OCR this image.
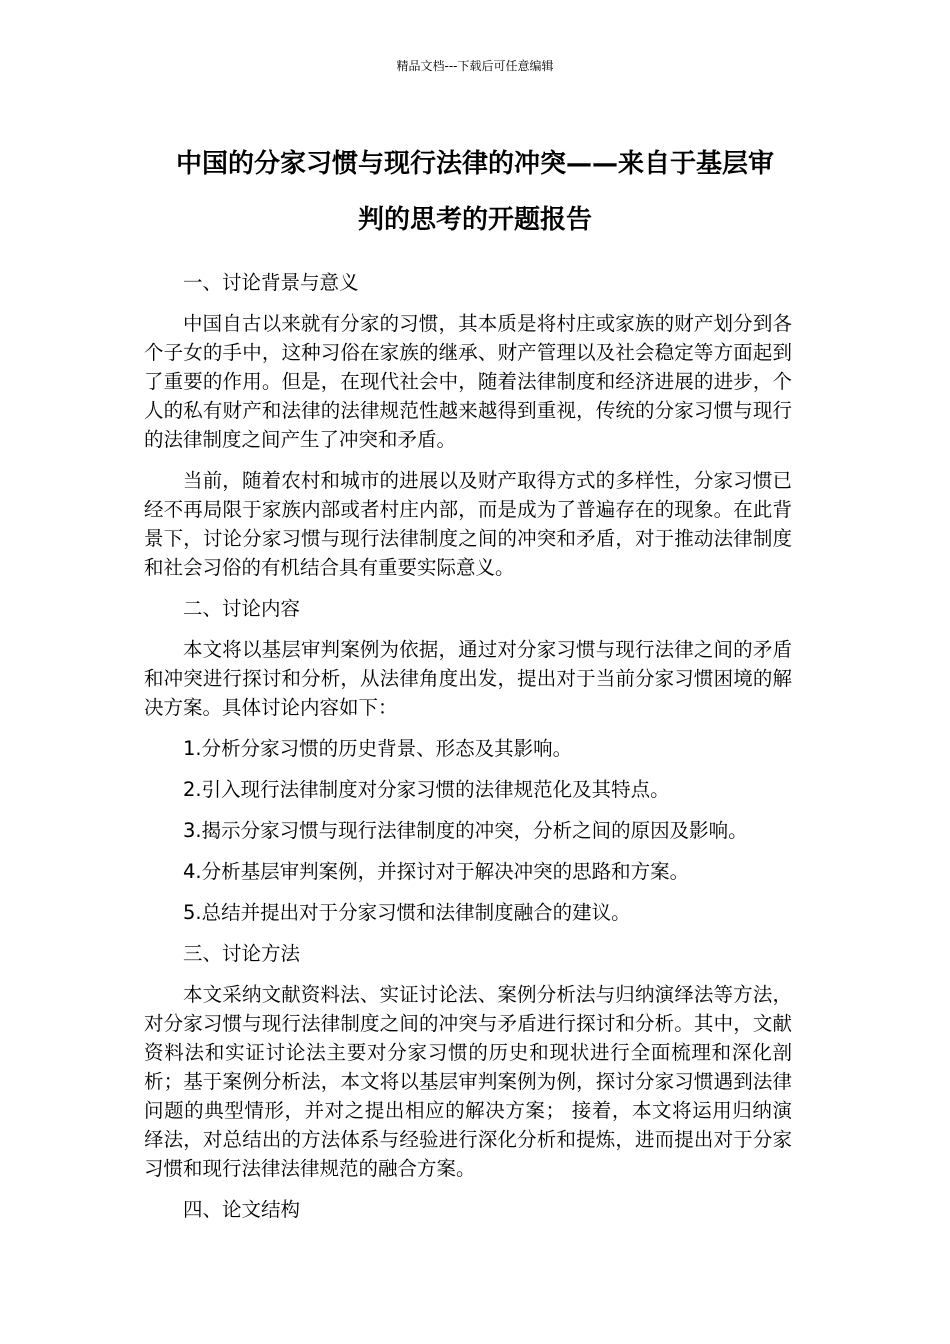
精品文档---下载后可任意编辑
中国的分家习惯与现行法律的冲突——来自于基层审
判的思考的开题报告

一、讨论背景与意义

中国自古以来就有分家的习惯，其本质是将村庄或家族的财产划分到各个子女的手中，这种习俗在家族的继承、财产管理以及社会稳定等方面起到了重要的作用。但是，在现代社会中，随着法律制度和经济进展的进步，个人的私有财产和法律的法律规范性越来越得到重视，传统的分家习惯与现行的法律制度之间产生了冲突和矛盾。

当前，随着农村和城市的进展以及财产取得方式的多样性，分家习惯已经不再局限于家族内部或者村庄内部，而是成为了普遍存在的现象。在此背景下，讨论分家习惯与现行法律制度之间的冲突和矛盾，对于推动法律制度和社会习俗的有机结合具有重要实际意义。

二、讨论内容

本文将以基层审判案例为依据，通过对分家习惯与现行法律之间的矛盾和冲突进行探讨和分析，从法律角度出发，提出对于当前分家习惯困境的解决方案。具体讨论内容如下：

1.分析分家习惯的历史背景、形态及其影响。

2.引入现行法律制度对分家习惯的法律规范化及其特点。

3.揭示分家习惯与现行法律制度的冲突，分析之间的原因及影响。

4.分析基层审判案例，并探讨对于解决冲突的思路和方案。

5.总结并提出对于分家习惯和法律制度融合的建议。

三、讨论方法

本文采纳文献资料法、实证讨论法、案例分析法与归纳演绎法等方法，对分家习惯与现行法律制度之间的冲突与矛盾进行探讨和分析。其中，文献资料法和实证讨论法主要对分家习惯的历史和现状进行全面梳理和深化剖析；基于案例分析法，本文将以基层审判案例为例，探讨分家习惯遇到法律问题的典型情形，并对之提出相应的解决方案； 接着，本文将运用归纳演绎法，对总结出的方法体系与经验进行深化分析和提炼，进而提出对于分家习惯和现行法律法律规范的融合方案。

四、论文结构
